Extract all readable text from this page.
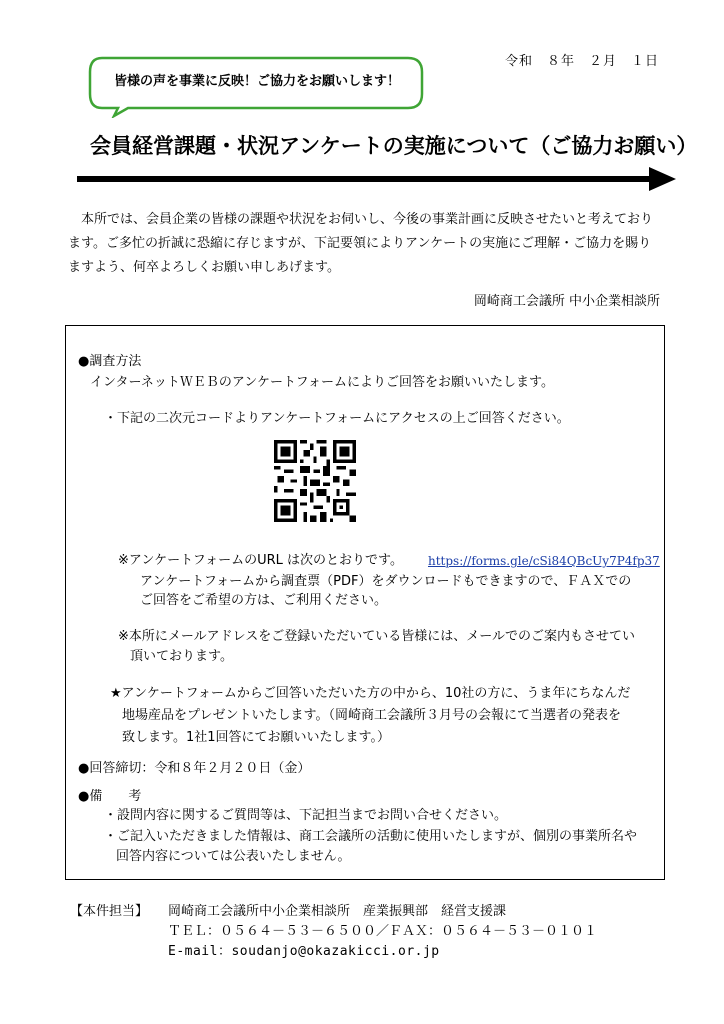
令和　８年　２月　１日
皆様の声を事業に反映！ご協力をお願いします！
会員経営課題・状況アンケートの実施について（ご協力お願い）

本所では、会員企業の皆様の課題や状況をお伺いし、今後の事業計画に反映させたいと考えております。ご多忙の折誠に恐縮に存じますが、下記要領によりアンケートの実施にご理解・ご協力を賜りますよう、何卒よろしくお願い申しあげます。

岡崎商工会議所 中小企業相談所
●調査方法
インターネットＷＥＢのアンケートフォームによりご回答をお願いいたします。
・下記の二次元コードよりアンケートフォームにアクセスの上ご回答ください。
※アンケートフォームのURL は次のとおりです。 https://forms.gle/cSi84QBcUy7P4fp37
アンケートフォームから調査票（PDF）をダウンロードもできますので、ＦＡＸでの
ご回答をご希望の方は、ご利用ください。
※本所にメールアドレスをご登録いただいている皆様には、メールでのご案内もさせてい
頂いております。
★アンケートフォームからご回答いただいた方の中から、10社の方に、うま年にちなんだ
地場産品をプレゼントいたします。（岡崎商工会議所３月号の会報にて当選者の発表を
致します。1社1回答にてお願いいたします。）
●回答締切：令和８年２月２０日（金）
●備　　考
・設問内容に関するご質問等は、下記担当までお問い合せください。
・ご記入いただきました情報は、商工会議所の活動に使用いたしますが、個別の事業所名や
回答内容については公表いたしません。
【本件担当】 岡崎商工会議所中小企業相談所　産業振興部　経営支援課
ＴＥＬ：０５６４－５３－６５００／ＦＡＸ：０５６４－５３－０１０１
E-mail：soudanjo@okazakicci.or.jp
